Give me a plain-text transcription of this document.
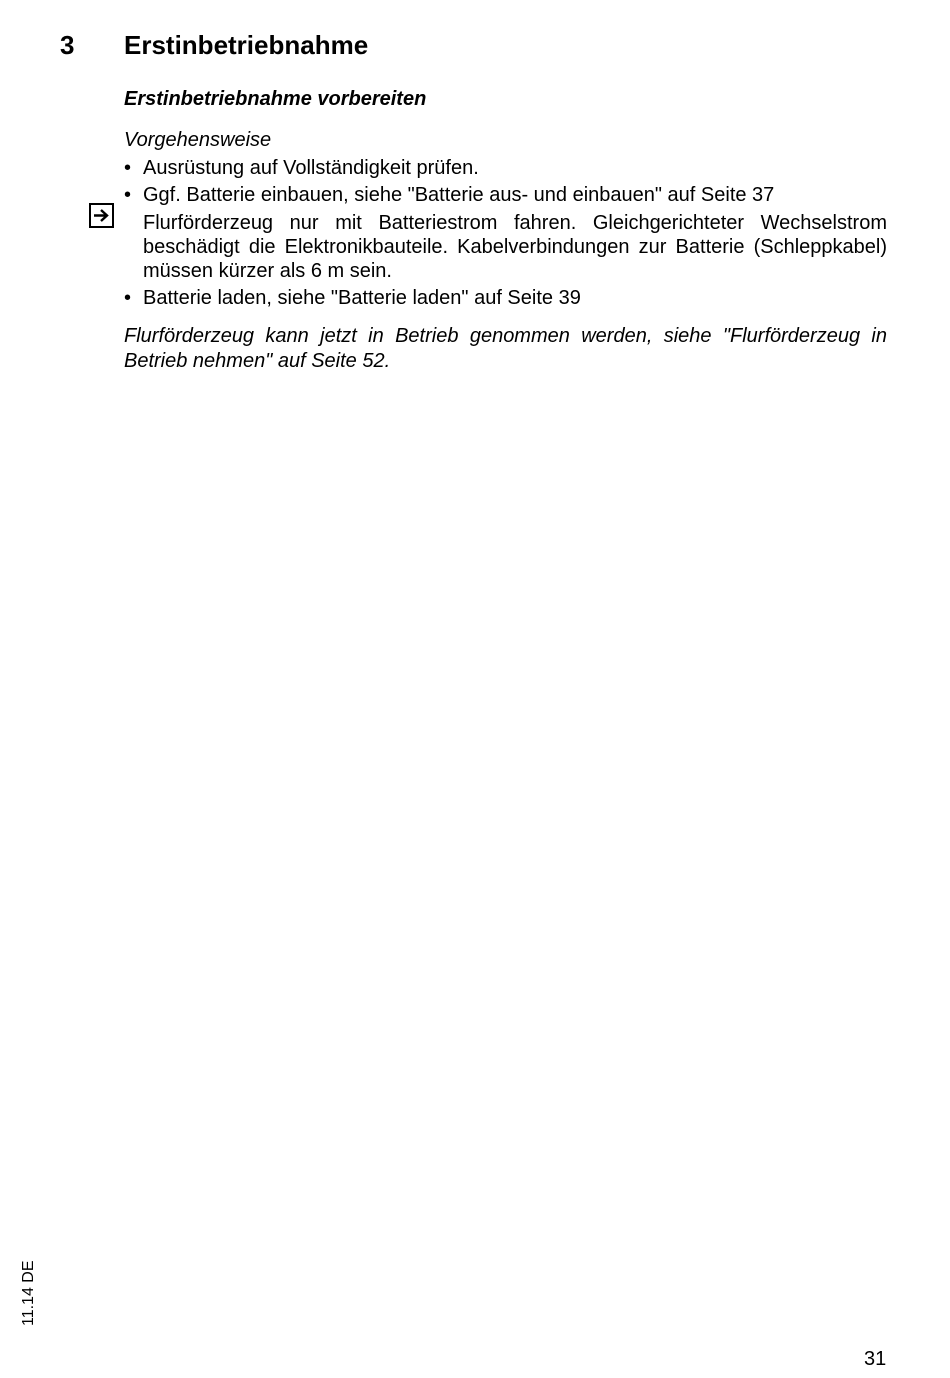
3 Erstinbetriebnahme
Erstinbetriebnahme vorbereiten
Vorgehensweise
• Ausrüstung auf Vollständigkeit prüfen.
• Ggf. Batterie einbauen, siehe "Batterie aus- und einbauen" auf Seite 37
Flurförderzeug nur mit Batteriestrom fahren. Gleichgerichteter Wechselstrom beschädigt die Elektronikbauteile. Kabelverbindungen zur Batterie (Schleppkabel) müssen kürzer als 6 m sein.
• Batterie laden, siehe "Batterie laden" auf Seite 39
Flurförderzeug kann jetzt in Betrieb genommen werden, siehe "Flurförderzeug in Betrieb nehmen" auf Seite 52.
11.14 DE
31
